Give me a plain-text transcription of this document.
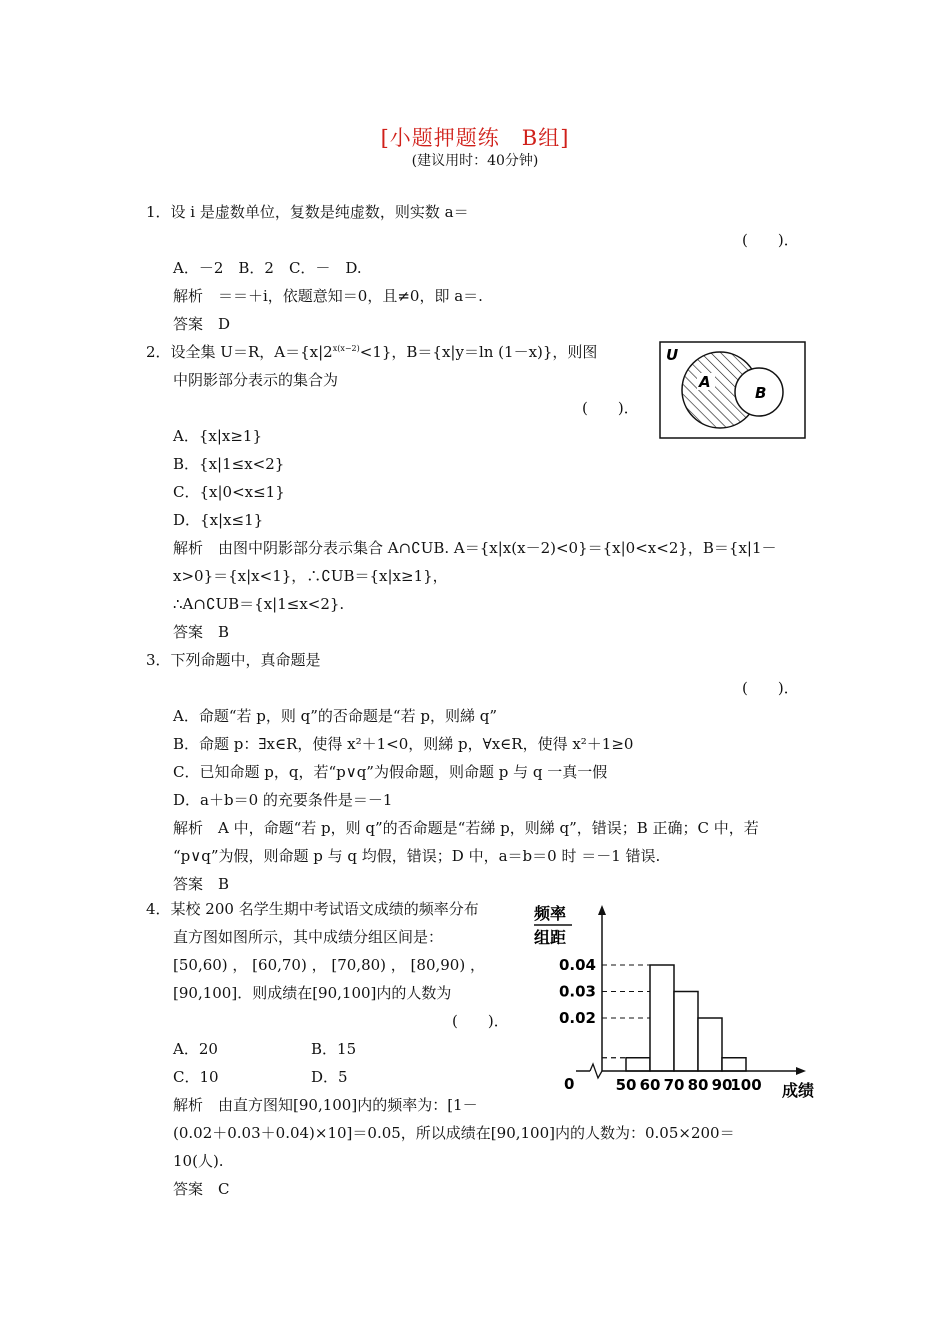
[小题押题练　B组]
(建议用时：40分钟)
1．设 i 是虚数单位，复数是纯虚数，则实数 a＝
(　　)．
A．－2　B．2　C．－　D.
解析　＝＝＋i，依题意知＝0，且≠0，即 a＝.
答案　D
2．设全集 U＝R，$A=\{x|2^{x(x-2)}<1\}$，B＝{x|y＝ln (1－x)}，则图
中阴影部分表示的集合为
(　　)．
A．{x|x≥1}
B．{x|1≤x<2}
C．{x|0<x≤1}
D．{x|x≤1}
解析　由图中阴影部分表示集合 A∩∁UB. A＝{x|x(x－2)<0}＝{x|0<x<2}，B＝{x|1－
x>0}＝{x|x<1}，∴∁UB＝{x|x≥1}，
∴A∩∁UB＝{x|1≤x<2}.
答案　B
U
A
B
3．下列命题中，真命题是
(　　)．
A．命题“若 p，则 q”的否命题是“若 p，则綈 q”
B．命题 p：∃x∈R，使得 x²＋1<0，则綈 p，∀x∈R，使得 x²＋1≥0
C．已知命题 p，q，若“p∨q”为假命题，则命题 p 与 q 一真一假
D．a＋b＝0 的充要条件是＝－1
解析　A 中，命题“若 p，则 q”的否命题是“若綈 p，则綈 q”，错误；B 正确；C 中，若
“p∨q”为假，则命题 p 与 q 均假，错误；D 中，a＝b＝0 时 ＝－1 错误.
答案　B
4．某校 200 名学生期中考试语文成绩的频率分布
直方图如图所示，其中成绩分组区间是：
[50,60) ， [60,70) ， [70,80) ， [80,90) ，
[90,100]．则成绩在[90,100]内的人数为
(　　)．
A．20	B．15
C．10	D．5
解析　由直方图知[90,100]内的频率为：[1－
(0.02＋0.03＋0.04)×10]＝0.05，所以成绩在[90,100]内的人数为：0.05×200＝
10(人).
答案　C
频率
组距
0	成绩
0.04
0.03
0.02
50 60 70 80 90
100
